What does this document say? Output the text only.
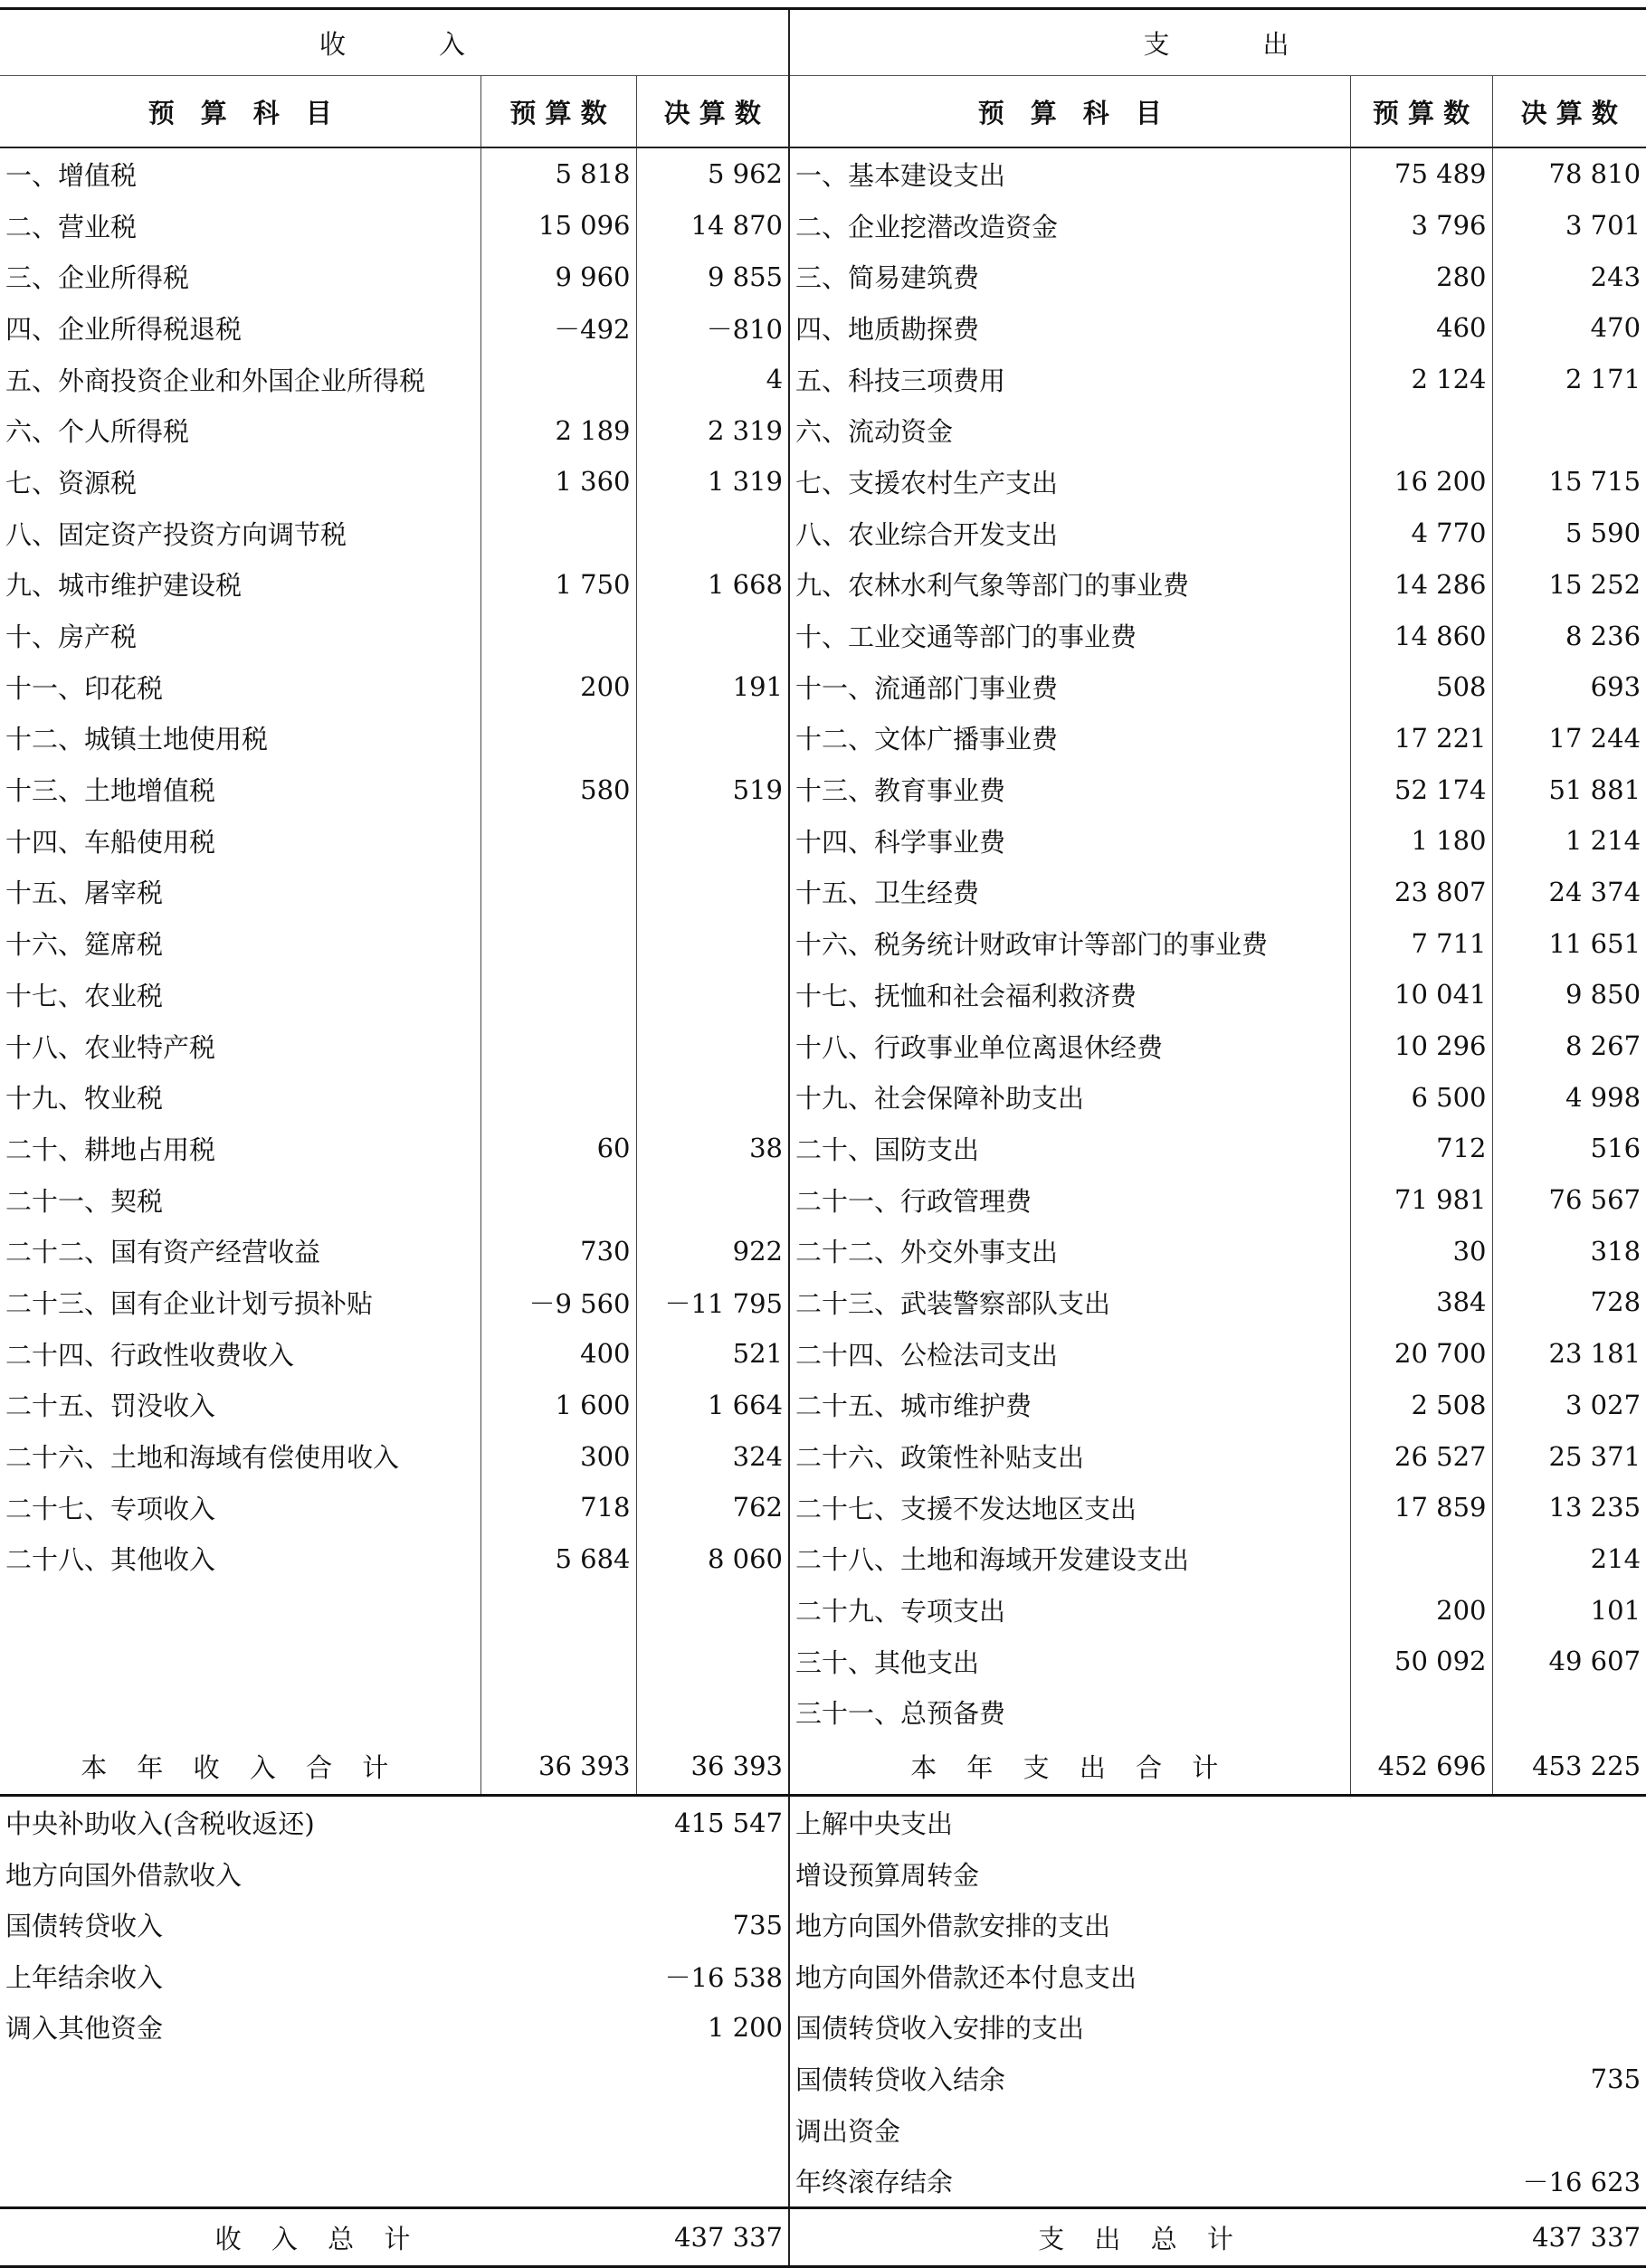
收　　　入			支　　　出		
预　算　科　目	预 算 数	决 算 数	预　算　科　目	预 算 数	决 算 数
一、增值税	5 818	5 962	一、基本建设支出	75 489	78 810
二、营业税	15 096	14 870	二、企业挖潜改造资金	3 796	3 701
三、企业所得税	9 960	9 855	三、简易建筑费	280	243
四、企业所得税退税	－492	－810	四、地质勘探费	460	470
五、外商投资企业和外国企业所得税		4	五、科技三项费用	2 124	2 171
六、个人所得税	2 189	2 319	六、流动资金		
七、资源税	1 360	1 319	七、支援农村生产支出	16 200	15 715
八、固定资产投资方向调节税			八、农业综合开发支出	4 770	5 590
九、城市维护建设税	1 750	1 668	九、农林水利气象等部门的事业费	14 286	15 252
十、房产税			十、工业交通等部门的事业费	14 860	8 236
十一、印花税	200	191	十一、流通部门事业费	508	693
十二、城镇土地使用税			十二、文体广播事业费	17 221	17 244
十三、土地增值税	580	519	十三、教育事业费	52 174	51 881
十四、车船使用税			十四、科学事业费	1 180	1 214
十五、屠宰税			十五、卫生经费	23 807	24 374
十六、筵席税			十六、税务统计财政审计等部门的事业费	7 711	11 651
十七、农业税			十七、抚恤和社会福利救济费	10 041	9 850
十八、农业特产税			十八、行政事业单位离退休经费	10 296	8 267
十九、牧业税			十九、社会保障补助支出	6 500	4 998
二十、耕地占用税	60	38	二十、国防支出	712	516
二十一、契税			二十一、行政管理费	71 981	76 567
二十二、国有资产经营收益	730	922	二十二、外交外事支出	30	318
二十三、国有企业计划亏损补贴	－9 560	－11 795	二十三、武装警察部队支出	384	728
二十四、行政性收费收入	400	521	二十四、公检法司支出	20 700	23 181
二十五、罚没收入	1 600	1 664	二十五、城市维护费	2 508	3 027
二十六、土地和海域有偿使用收入	300	324	二十六、政策性补贴支出	26 527	25 371
二十七、专项收入	718	762	二十七、支援不发达地区支出	17 859	13 235
二十八、其他收入	5 684	8 060	二十八、土地和海域开发建设支出		214
			二十九、专项支出	200	101
			三十、其他支出	50 092	49 607
			三十一、总预备费		
本 年 收 入 合 计	36 393	36 393	本 年 支 出 合 计	452 696	453 225
中央补助收入(含税收返还)		415 547	上解中央支出		
地方向国外借款收入			增设预算周转金		
国债转贷收入		735	地方向国外借款安排的支出		
上年结余收入		－16 538	地方向国外借款还本付息支出		
调入其他资金		1 200	国债转贷收入安排的支出		
			国债转贷收入结余		735
			调出资金		
			年终滚存结余		－16 623
收 入 总 计		437 337	支 出 总 计		437 337
